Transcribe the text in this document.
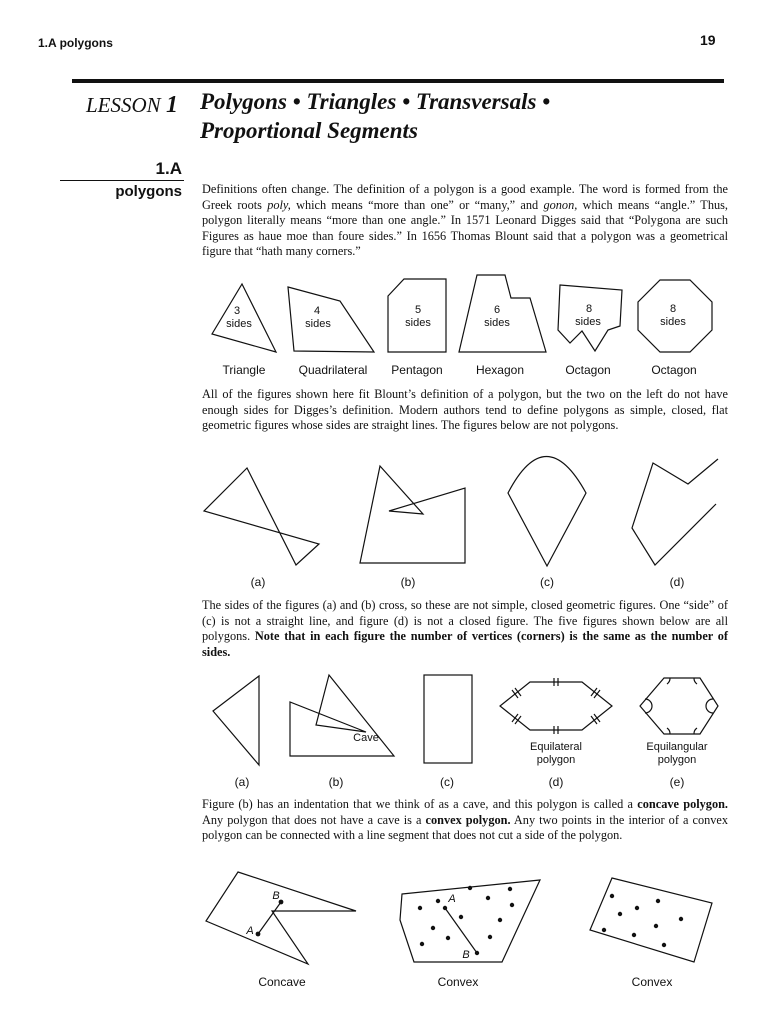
1.A polygons	19
LESSON 1 Polygons • Triangles • Transversals •
Proportional Segments
1.A
polygons Definitions often change. The definition of a polygon is a good example. The word is formed from the Greek roots poly, which means “more than one” or “many,” and gonon, which means “angle.” Thus, polygon literally means “more than one angle.” In 1571 Leonard Digges said that “Polygona are such Figures as haue moe than foure sides.” In 1656 Thomas Blount said that a polygon was a geometrical figure that “hath many corners.”
All of the figures shown here fit Blount’s definition of a polygon, but the two on the left do not have enough sides for Digges’s definition. Modern authors tend to define polygons as simple, closed, flat geometric figures whose sides are straight lines. The figures below are not polygons.
The sides of the figures (a) and (b) cross, so these are not simple, closed geometric figures. One “side” of (c) is not a straight line, and figure (d) is not a closed figure. The five figures shown below are all polygons. Note that in each figure the number of vertices (corners) is the same as the number of sides.
Figure (b) has an indentation that we think of as a cave, and this polygon is called a concave polygon. Any polygon that does not have a cave is a convex polygon. Any two points in the interior of a convex polygon can be connected with a line segment that does not cut a side of the polygon.
3
sides
Triangle
4
sides
Quadrilateral
5
sides
Pentagon
6
sides
Hexagon
8
sides
Octagon
8
sides
Octagon
(a)	(b)	(c)	(d)
(a)
Cave
(b)	(c)
Equilateral
polygon
(d)
Equilangular
polygon
(e)
A
B
Concave
A
B
Convex	Convex
